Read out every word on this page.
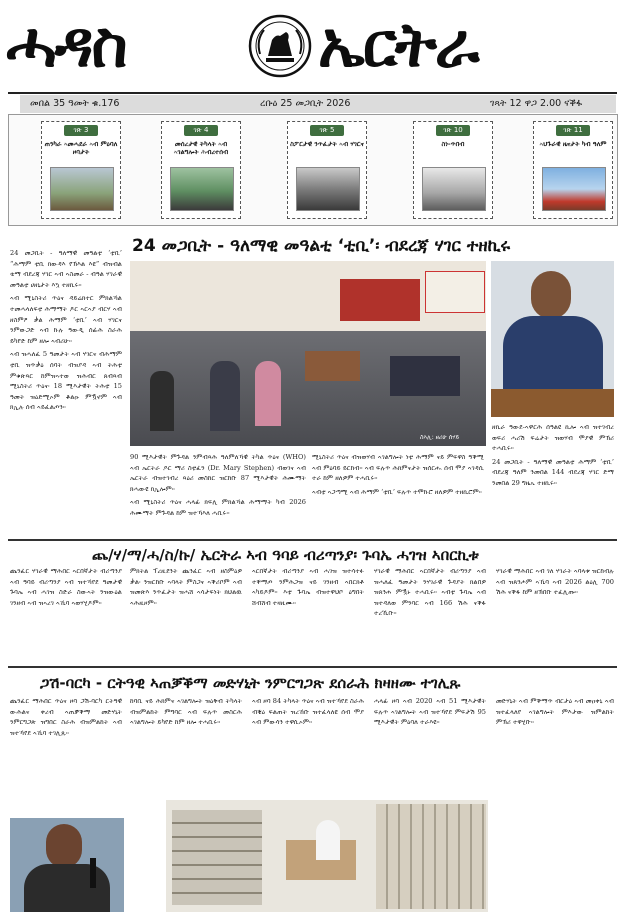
ሓዳስ	ኤርትራ
መበል 35 ዓመት ቁ.176	ረቡዕ 25 መጋቢት 2026	ገጻት 12 ዋጋ 2.00 ናቕፋ
ገጽ 3
ጠንካራ ኣመሓደራ ኣብ ምዕባለ ዞባታት
ገጽ 4
መሰረታዊ ትካላት ኣብ ኣገልግሎት ሕብረተሰብ
ገጽ 5
ስፖርታዊ ንጥፈታት ኣብ ሃገርና
ገጽ 10
ስነ-ጥበብ
ገጽ 11
ኣህጉራዊ ዜናታት ካብ ዓለም

24 መጋቢት - ዓለማዊ መዓልቲ ‘ቲቢ’ “ሕማም ቲቢ ክውዳእ የኽእል እዩ” ብዝብል ቴማ ብደረጃ ሃገር ኣብ ኣስመራ - ብዓል ሃገራዊ መዓልቲ ሀዘኒታት እኳ ተዘኪሩ።

ኣብ ሚኒስትሪ ጥዕና ዳይሬክተር ምክልኻል ተመሓላለፍቲ ሕማማት ዶር ኣርኣያ ብርሃ ኣብ ዘስምዖ ቃል ሕማም ‘ቲቢ’ ኣብ ሃገርና ንምውጋድ ኣብ ኩሉ ዓውዲ ሰፊሕ ስራሕ ይካየድ ከም ዘሎ ኣብሪሁ።

ኣብ ዝሓለፈ 5 ዓመታት ኣብ ሃገርና ብሕማም ቲቢ ዝጥቃዕ ሰባት ብዝያዳ ኣብ ትሕቲ ምቁጽጻር ከምዝኣተወ ዝሕብር ጸብጻብ ሚኒስትሪ ጥዕና፡ 18 ሚእታዊት ትሕቲ 15 ዓመት ዝዕድሚኦም ቆልዑ ምዃኖም ኣብ ክኢሉ ሰብ ኣይፈልጦን።

24 መጋቢት - ዓለማዊ መዓልቲ ‘ቲቢ’፡ ብደረጃ ሃገር ተዘኪሩ
ስእሊ: ዘሪሁ ሰሃይ

ዘኪራ ዓውደ-ኣዋርሕ ሰዓልዩ ኪሎ ኣብ ዝተገብረ ወፍሪ ሓሪሽ ፍሬታት ዝወሃብ ሞያዊ ምኽሪ ተሓቢሩ።

24 መጋቢት - ዓለማዊ መዓልቲ ሕማም ‘ቲቢ’ ብደረጃ ዓለም ንመበል 144 ብደረጃ ሃገር ድማ ንመበል 29 ግዜኡ ተዘኪሩ።

90 ሚእታዊት ምጉዳል ንምብጻሕ ዓለምለኻዊ ትካል ጥዕና (WHO) ኣብ ኤርትራ ዶር ማሪ ስቲፈን (Dr. Mary Stephen) ብወገና ኣብ ኤርትራ ብዝተገብረ ጻዕሪ መስከር ዝርከቡ 87 ሚእታዊት ሕሙማት ክሓውዩ ክኢሎም።

ኣብ ሚኒስትሪ ጥዕና ሓላፊ ክፍሊ ምክልኻል ሕማማት ካብ 2026 ሕሙማት ምጉዳል ከም ዝተኻእለ ሓቢሩ።

ሚኒስትሪ ጥዕና ብዝወሃብ ኣገልግሎት ነቲ ሕማም ናይ ምፍዋስ ዓቕሚ ኣብ ምዕባይ ይርከብ። ኣብ ፍሉጥ ሕክምናታት ዝሰርሑ ሰብ ሞያ ኣገዳሲ ተራ ከም ዘለዎም ተሓቢሩ።

ኣብቲ ኣጋጣሚ ኣብ ሕማም ‘ቲቢ’ ፍሉጥ ተሞኩሮ ዘለዎም ተዘኪሮም።

ጨ/ሃ/ማ/ሓ/ስ/ኩ/ ኤርትራ ኣብ ዓባይ ብሪጣንያ፡ ጉባኤ ሓገዝ ኣበርኪቱ

ጨንፈር ሃገራዊ ማሕበር ኣርበኛታት ብሪጣንያ ኣብ ዓባይ ብሪጣንያ ኣብ ዝተኻየደ ዓመታዊ ጉባኤ ኣብ ሓገዝ ስድራ ስውኣት ንዝውዕል ገንዘብ ኣብ ዝኣረገ ኣኼባ ኣወሃሂዶም።

ምክትል ፕረዚደንት ጨንፈር ኣብ ዘስምዕዎ ቃል፡ ንዝርከቡ ኣባላት ምስጋና ኣቕሪቦም ኣብ ዝመጽእ ንጥፈታት ዝሓሸ ኣሳታፍነት ክህልዉ ኣሕዚዞም።

ኣርበኛታት ብሪጣንያ ኣብ ሓገዝ ዝተሳተፉ ተቐማጦ ንምሕጋዝ ናይ ገንዘብ ኣበርክቶ ኣካይዶም። እቲ ጉባኤ ብዝተዋህቦ ዕግበት ሸብሸብ ተዛዚሙ።

ሃገራዊ ማሕበር ኣርበኛታት ብሪጣንያ ኣብ ዝሓለፈ ዓመታት ንሃገራዊ ጉዳያት ክልበዎ ዝጸንሐ ምዃኑ ተሓቢሩ። ኣብቲ ጉባኤ ኣብ ዝተዳለወ ምንባር ኣብ 166 ሽሕ ናቕፋ ተረኺቡ።

ሃገራዊ ማሕበር ኣብ ገለ ሃገራት ኣባላቱ ዝርከብሉ ኣብ ዝጸንሖም ኣኼባ ኣብ 2026 ልዕሊ 700 ሽሕ ናቕፋ ከም ዘኽበቡ ተፈሊጡ።

ጋሽ-ባርካ - ርትዓዊ ኣጠቓቕማ መድሃኒት ንምርግጋጽ ደሰራሕ ክዛዘሙ ተገሊጹ

ጨንፈር ማሕበር ጥዕና ዞባ ጋሽ-ባርካ ርትዓዊ ውሕልና ቀረብ ኣጠቓቕማ መድሃኒት ንምርግጋጽ ዝግበር ስራሕ ብዝምልከት ኣብ ዝተኻየደ ኣኼባ ተገሊጹ።

ከባቢ ናይ ሕክምና ኣገልግሎት ዝዕቅብ ትካላት ብዝምልከት ምግባር ኣብ ፍሉጥ መስርሕ ኣገልግሎት ይካየድ ከም ዘሎ ተሓቢሩ።

ኣብ ዞባ 84 ትካላት ጥዕና ኣብ ዝተኻየደ ስራሕ ብቑዕ ፍልጠት ዝረኸቡ ዝተፈላለዩ ሰብ ሞያ ኣብ ምውሳን ተዋሲኦም።

ሓላፊ ዞባ ኣብ 2020 ኣብ 51 ሚእታዊት ፍሉጥ ኣገልግሎት ኣብ ዝተኻየደ ምፍታሽ 95 ሚእታዊት ምዕባለ ተራእዩ።

መድሃኒት ኣብ ምቕማጥ ብርታዕ ኣብ መዐቀኒ ኣብ ዝተፈላለየ ኣገልግሎት ምእታው ዝምልከት ምኽሪ ተዋሂቡ።
